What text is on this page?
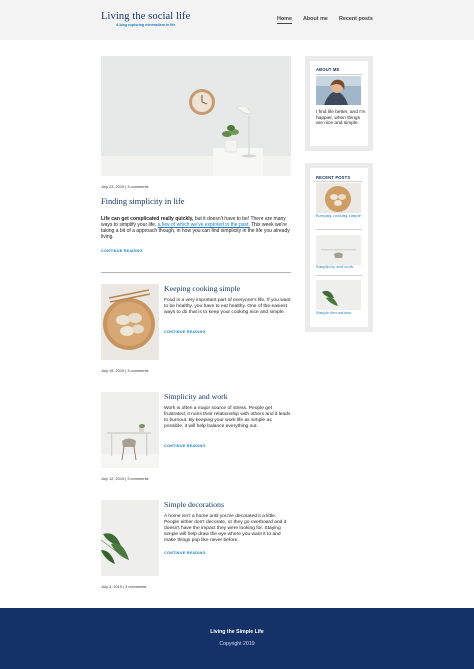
Living the social life
A blog exploring minimalism in life
Home About me Recent posts
July 23, 2019 | 3 comments
Finding simplicity in life
Life can get complicated really quickly, but it doesn't have to be! There are many ways to simplify your life, a few of which we've explored in the past. This week we're taking a bit of a approach though, in how you can find simplicity in the life you already living.
CONTINUE READING
Keeping cooking simple
Food is a very important part of everyone's life. If you want to be healthy, you have to eat healthy. One of the easiest ways to do that is to keep your cooking nice and simple.
CONTINUE READING
July 19, 2019 | 3 comments
Simplicity and work
Work is often a major source of stress. People get frustrated, it ruins their relationship with others and it leads to burnout. By keeping your work life as simple as possible, it will help balance everything out.
CONTINUE READING
July 12, 2019 | 3 comments
Simple decorations
A home isn't a home until you've decorated it a little. People either don't decorate, or they go overboard and it doesn't have the impact they were looking for. Staying simple will help draw the eye where you want it to and make things pop like never before.
CONTINUE READING
July 3, 2019 | 3 comments
ABOUT ME
I find life better, and I'm happier, when things are nice and simple.
RECENT POSTS
Keeping cooking simple
Simplicity and work
Simple decorations
Living the Simple Life
Copyright 2019
